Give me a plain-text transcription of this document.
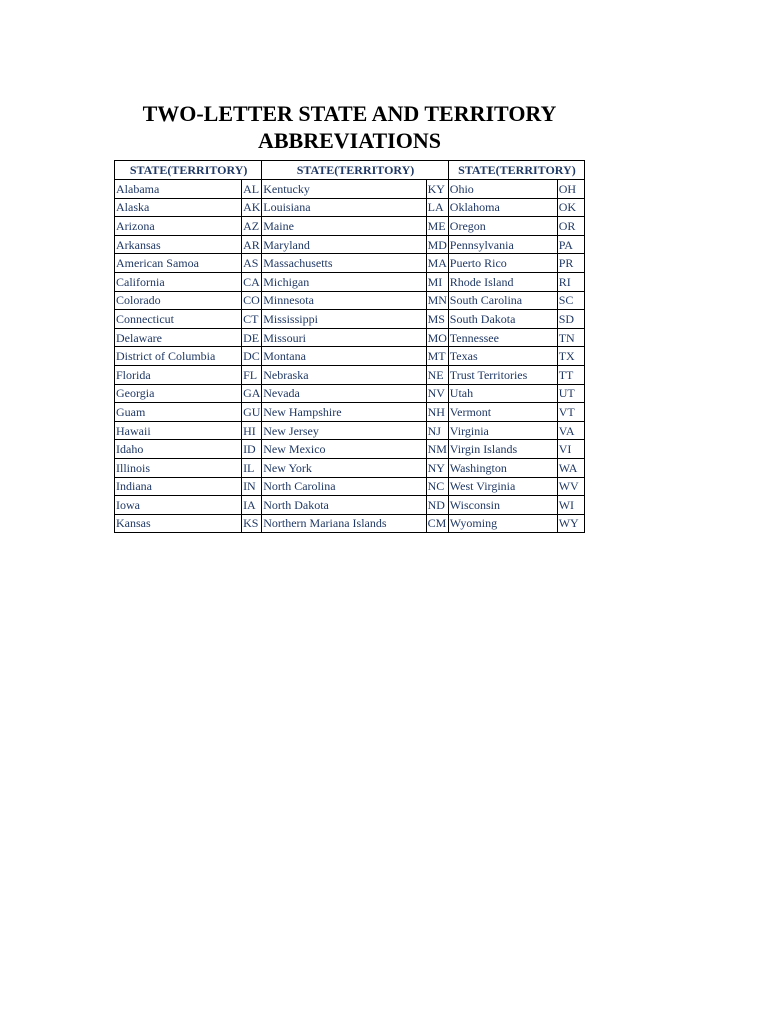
TWO-LETTER STATE AND TERRITORY
ABBREVIATIONS
STATE(TERRITORY)		STATE(TERRITORY)		STATE(TERRITORY)	
Alabama	AL	Kentucky	KY	Ohio	OH
Alaska	AK	Louisiana	LA	Oklahoma	OK
Arizona	AZ	Maine	ME	Oregon	OR
Arkansas	AR	Maryland	MD	Pennsylvania	PA
American Samoa	AS	Massachusetts	MA	Puerto Rico	PR
California	CA	Michigan	MI	Rhode Island	RI
Colorado	CO	Minnesota	MN	South Carolina	SC
Connecticut	CT	Mississippi	MS	South Dakota	SD
Delaware	DE	Missouri	MO	Tennessee	TN
District of Columbia	DC	Montana	MT	Texas	TX
Florida	FL	Nebraska	NE	Trust Territories	TT
Georgia	GA	Nevada	NV	Utah	UT
Guam	GU	New Hampshire	NH	Vermont	VT
Hawaii	HI	New Jersey	NJ	Virginia	VA
Idaho	ID	New Mexico	NM	Virgin Islands	VI
Illinois	IL	New York	NY	Washington	WA
Indiana	IN	North Carolina	NC	West Virginia	WV
Iowa	IA	North Dakota	ND	Wisconsin	WI
Kansas	KS	Northern Mariana Islands	CM	Wyoming	WY
